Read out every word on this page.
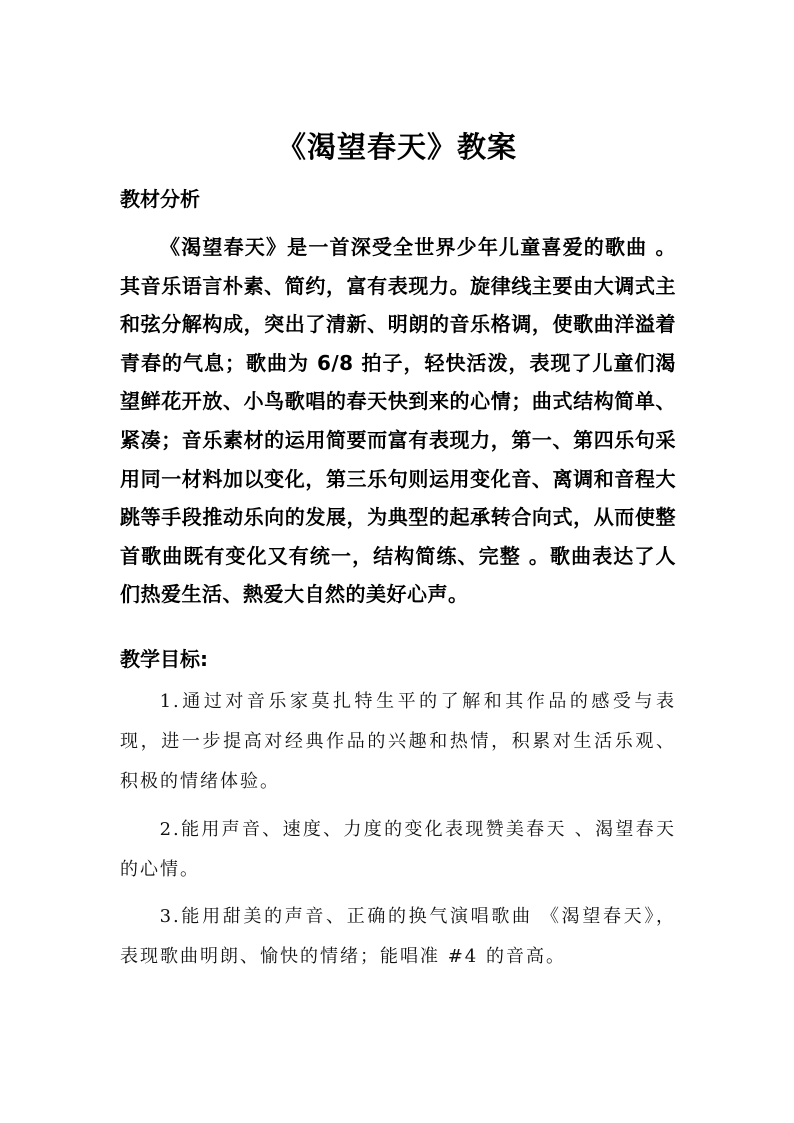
《渴望春天》教案
教材分析
《渴望春天》是一首深受全世界少年儿童喜爱的歌曲 。其音乐语言朴素、简约，富有表现力。旋律线主要由大调式主和弦分解构成，突出了清新、明朗的音乐格调，使歌曲洋溢着青春的气息；歌曲为 6/8 拍子，轻快活泼，表现了儿童们渴望鲜花开放、小鸟歌唱的春天快到来的心情；曲式结构简单、紧凑；音乐素材的运用简要而富有表现力，第一、第四乐句采用同一材料加以变化，第三乐句则运用变化音、离调和音程大跳等手段推动乐向的发展，为典型的起承转合向式，从而使整首歌曲既有变化又有统一，结构简练、完整 。歌曲表达了人们热爱生活、熱爱大自然的美好心声。
教学目标:
1.通过对音乐家莫扎特生平的了解和其作品的感受与表现，进一步提高对经典作品的兴趣和热情，积累对生活乐观、积极的情绪体验。
2.能用声音、速度、力度的变化表现赞美春天 、渴望春天的心情。
3.能用甜美的声音、正确的换气演唱歌曲 《渴望春天》，表现歌曲明朗、愉快的情绪；能唱准 #4 的音高。
